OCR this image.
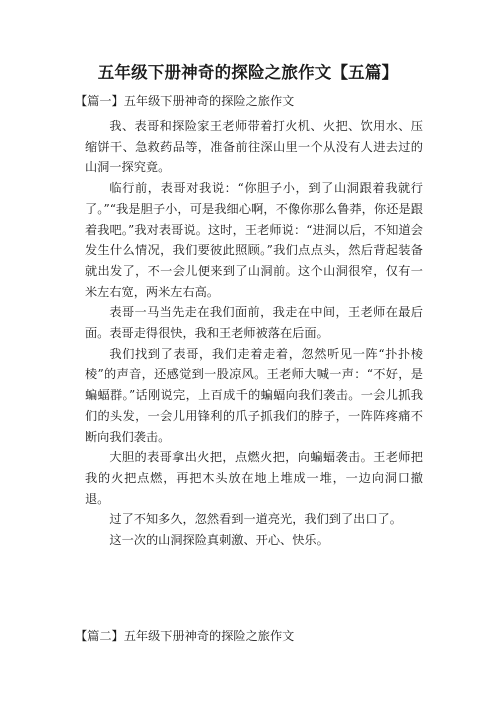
五年级下册神奇的探险之旅作文【五篇】
【篇一】五年级下册神奇的探险之旅作文

我、表哥和探险家王老师带着打火机、火把、饮用水、压缩饼干、急救药品等，准备前往深山里一个从没有人进去过的山洞一探究竟。

临行前，表哥对我说：“你胆子小，到了山洞跟着我就行了。”“我是胆子小，可是我细心啊，不像你那么鲁莽，你还是跟着我吧。”我对表哥说。这时，王老师说：“进洞以后，不知道会发生什么情况，我们要彼此照顾。”我们点点头，然后背起装备就出发了，不一会儿便来到了山洞前。这个山洞很窄，仅有一米左右宽，两米左右高。

表哥一马当先走在我们面前，我走在中间，王老师在最后面。表哥走得很快，我和王老师被落在后面。

我们找到了表哥，我们走着走着，忽然听见一阵“扑扑棱棱”的声音，还感觉到一股凉风。王老师大喊一声：“不好，是蝙蝠群。”话刚说完，上百成千的蝙蝠向我们袭击。一会儿抓我们的头发，一会儿用锋利的爪子抓我们的脖子，一阵阵疼痛不断向我们袭击。

大胆的表哥拿出火把，点燃火把，向蝙蝠袭击。王老师把我的火把点燃，再把木头放在地上堆成一堆，一边向洞口撤退。

过了不知多久，忽然看到一道亮光，我们到了出口了。

这一次的山洞探险真刺激、开心、快乐。

【篇二】五年级下册神奇的探险之旅作文
